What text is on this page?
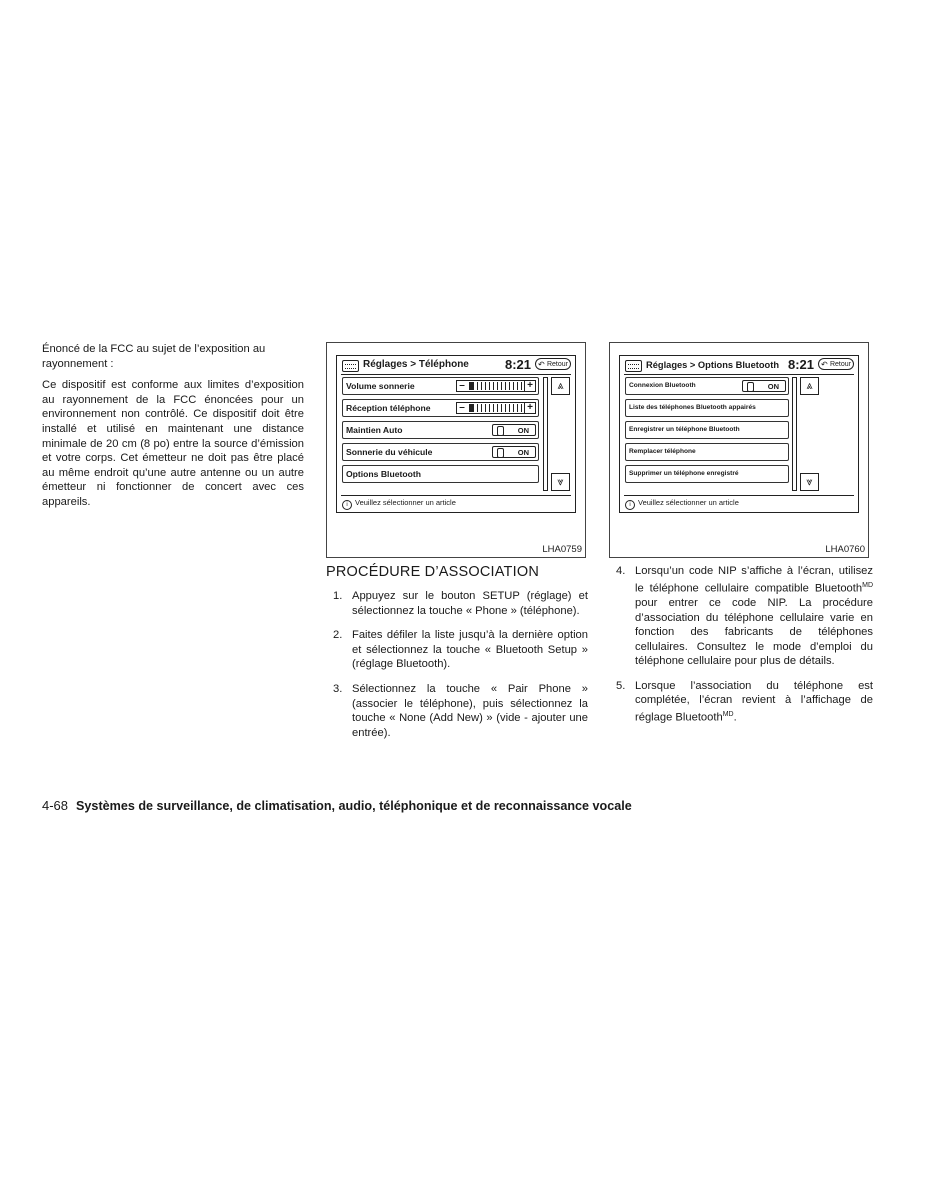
Énoncé de la FCC au sujet de l’exposition au rayonnement :

Ce dispositif est conforme aux limites d’exposition au rayonnement de la FCC énoncées pour un environnement non contrôlé. Ce dispositif doit être installé et utilisé en maintenant une distance minimale de 20 cm (8 po) entre la source d’émission et votre corps. Cet émetteur ne doit pas être placé au même endroit qu’une autre antenne ou un autre émetteur ni fonctionner de concert avec ces appareils.

Réglages > Téléphone	8:21 ↶ Retour
Volume sonnerie	–	+
Réception téléphone	–	+
Maintien Auto	ON
Sonnerie du véhicule	ON
Options Bluetooth
⩓
⩔
i Veuillez sélectionner un article
LHA0759
Réglages > Options Bluetooth 8:21 ↶ Retour
Connexion Bluetooth	ON
Liste des téléphones Bluetooth appairés
Enregistrer un téléphone Bluetooth
Remplacer téléphone
Supprimer un téléphone enregistré
⩓
⩔
i Veuillez sélectionner un article
LHA0760
PROCÉDURE D’ASSOCIATION
1. Appuyez sur le bouton SETUP (réglage) et sélectionnez la touche « Phone » (téléphone).
2. Faites défiler la liste jusqu’à la dernière option et sélectionnez la touche « Bluetooth Setup » (réglage Bluetooth).
3. Sélectionnez la touche « Pair Phone » (associer le téléphone), puis sélectionnez la touche « None (Add New) » (vide - ajouter une entrée).
4. Lorsqu’un code NIP s’affiche à l’écran, utilisez le téléphone cellulaire compatible Bluetooth$^{MD}$ pour entrer ce code NIP. La procédure d’association du téléphone cellulaire varie en fonction des fabricants de téléphones cellulaires. Consultez le mode d’emploi du téléphone cellulaire pour plus de détails.
5. Lorsque l’association du téléphone est complétée, l’écran revient à l’affichage de réglage Bluetooth$^{MD}$.
4-68 Systèmes de surveillance, de climatisation, audio, téléphonique et de reconnaissance vocale
